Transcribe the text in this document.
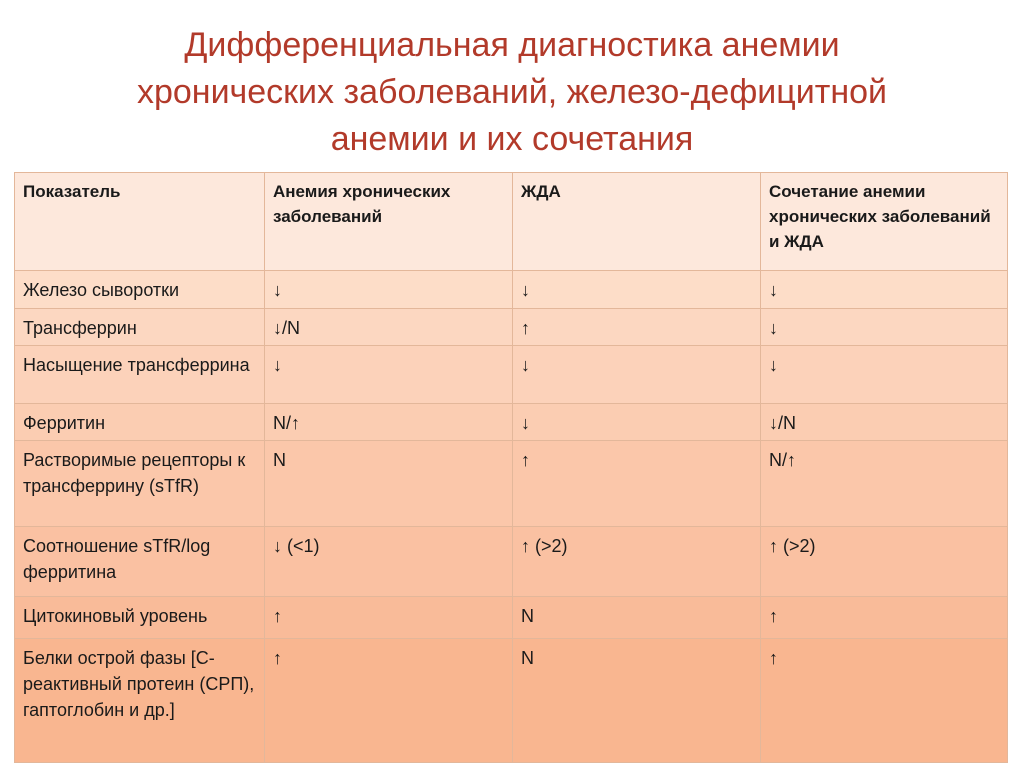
Дифференциальная диагностика анемии
хронических заболеваний, железо-дефицитной
анемии и их сочетания
Показатель	Анемия хронических заболеваний	ЖДА	Сочетание анемии хронических заболеваний и ЖДА
Железо сыворотки	↓	↓	↓
Трансферрин	↓/N	↑	↓
Насыщение трансферрина	↓	↓	↓
Ферритин	N/↑	↓	↓/N
Растворимые рецепторы к трансферрину (sTfR)	N	↑	N/↑
Соотношение sTfR/log ферритина	↓ (<1)	↑ (>2)	↑ (>2)
Цитокиновый уровень	↑	N	↑
Белки острой фазы [С-реактивный протеин (СРП), гаптоглобин и др.]	↑	N	↑
